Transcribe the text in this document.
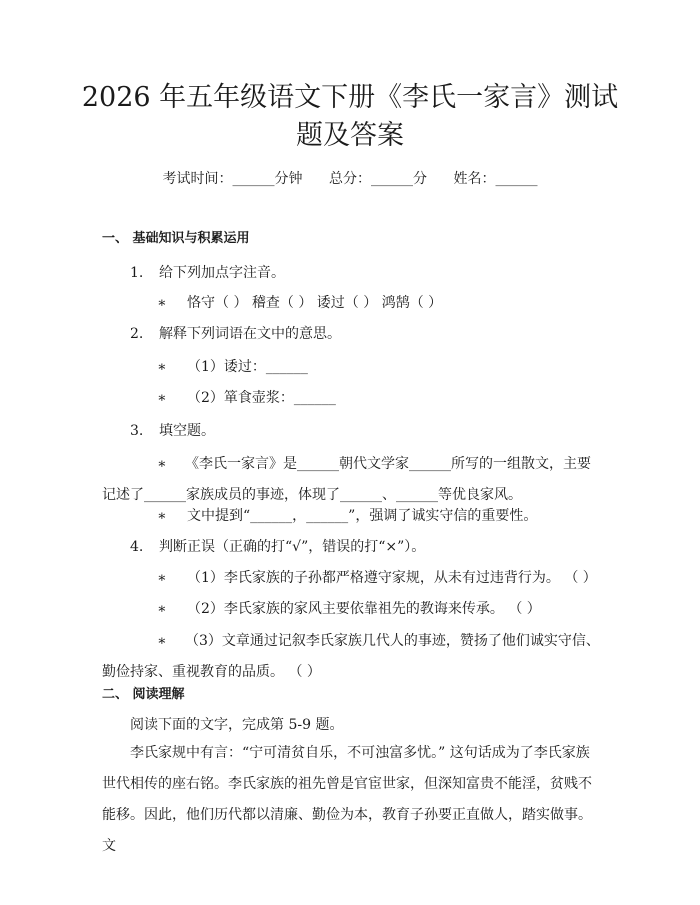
2026 年五年级语文下册《李氏一家言》测试
题及答案
考试时间：______分钟 总分：______分 姓名：______
一、 基础知识与积累运用
1. 给下列加点字注音。
∗ 恪守（ ） 稽查（ ） 诿过（ ） 鸿鹄（ ）
2. 解释下列词语在文中的意思。
∗ （1）诿过：______
∗ （2）箪食壶浆：______
3. 填空题。
∗ 《李氏一家言》是______朝代文学家______所写的一组散文，主要记述了______家族成员的事迹，体现了______、______等优良家风。
∗ 文中提到“______，______”，强调了诚实守信的重要性。
4. 判断正误（正确的打“√”，错误的打“×”）。
∗ （1）李氏家族的子孙都严格遵守家规，从未有过违背行为。 （ ）
∗ （2）李氏家族的家风主要依靠祖先的教诲来传承。 （ ）
∗ （3）文章通过记叙李氏家族几代人的事迹，赞扬了他们诚实守信、勤俭持家、重视教育的品质。 （ ）
二、 阅读理解
阅读下面的文字，完成第 5-9 题。
李氏家规中有言：“宁可清贫自乐，不可浊富多忧。” 这句话成为了李氏家族世代相传的座右铭。李氏家族的祖先曾是官宦世家，但深知富贵不能淫，贫贱不能移。因此，他们历代都以清廉、勤俭为本，教育子孙要正直做人，踏实做事。文
